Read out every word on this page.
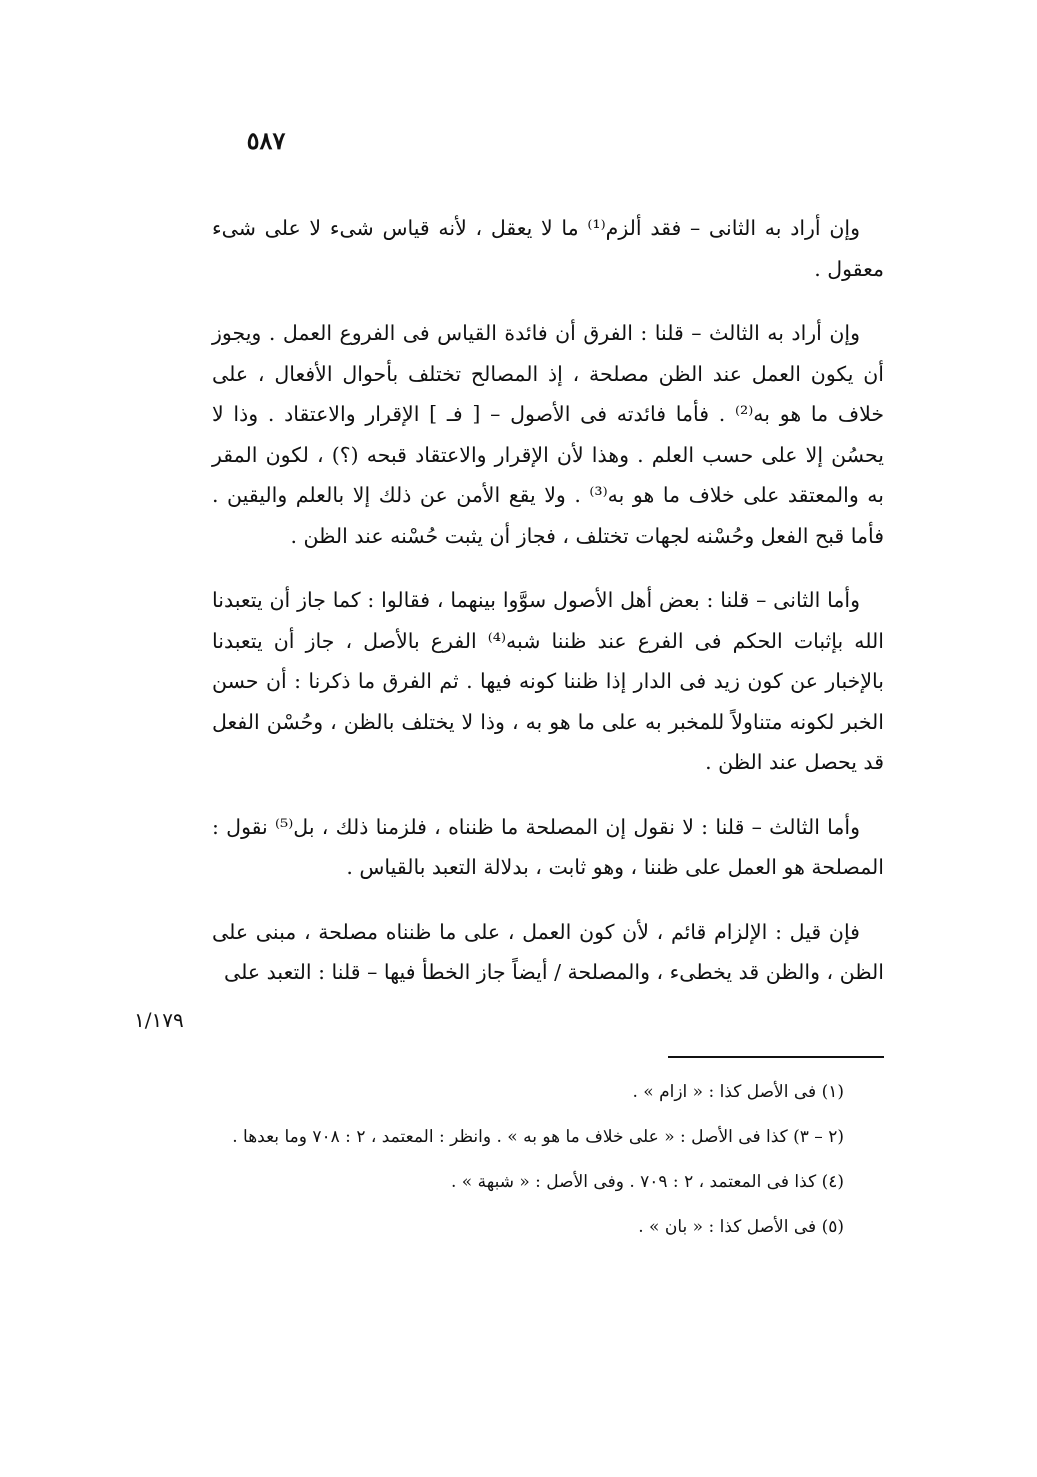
٥٨٧

وإن أراد به الثانى – فقد ألزم⁽¹⁾ ما لا يعقل ، لأنه قياس شىء لا على شىء معقول .

وإن أراد به الثالث – قلنا : الفرق أن فائدة القياس فى الفروع العمل . ويجوز أن يكون العمل عند الظن مصلحة ، إذ المصالح تختلف بأحوال الأفعال ، على خلاف ما هو به⁽²⁾ . فأما فائدته فى الأصول – [ فـ ] الإقرار والاعتقاد . وذا لا يحسُن إلا على حسب العلم . وهذا لأن الإقرار والاعتقاد قبحه (؟) ، لكون المقر به والمعتقد على خلاف ما هو به⁽³⁾ . ولا يقع الأمن عن ذلك إلا بالعلم واليقين . فأما قبح الفعل وحُسْنه لجهات تختلف ، فجاز أن يثبت حُسْنه عند الظن .

وأما الثانى – قلنا : بعض أهل الأصول سوَّوا بينهما ، فقالوا : كما جاز أن يتعبدنا الله بإثبات الحكم فى الفرع عند ظننا شبه⁽⁴⁾ الفرع بالأصل ، جاز أن يتعبدنا بالإخبار عن كون زيد فى الدار إذا ظننا كونه فيها . ثم الفرق ما ذكرنا : أن حسن الخبر لكونه متناولاً للمخبر به على ما هو به ، وذا لا يختلف بالظن ، وحُسْن الفعل قد يحصل عند الظن .

وأما الثالث – قلنا : لا نقول إن المصلحة ما ظنناه ، فلزمنا ذلك ، بل⁽⁵⁾ نقول : المصلحة هو العمل على ظننا ، وهو ثابت ، بدلالة التعبد بالقياس .

فإن قيل : الإلزام قائم ، لأن كون العمل ، على ما ظنناه مصلحة ، مبنى على الظن ، والظن قد يخطىء ، والمصلحة / أيضاً جاز الخطأ فيها – قلنا : التعبد على

١/١٧٩

(١) فى الأصل كذا : « ازام » .

(٢ – ٣) كذا فى الأصل : « على خلاف ما هو به » . وانظر : المعتمد ، ٢ : ٧٠٨ وما بعدها .

(٤) كذا فى المعتمد ، ٢ : ٧٠٩ . وفى الأصل : « شبهة » .

(٥) فى الأصل كذا : « بان » .
